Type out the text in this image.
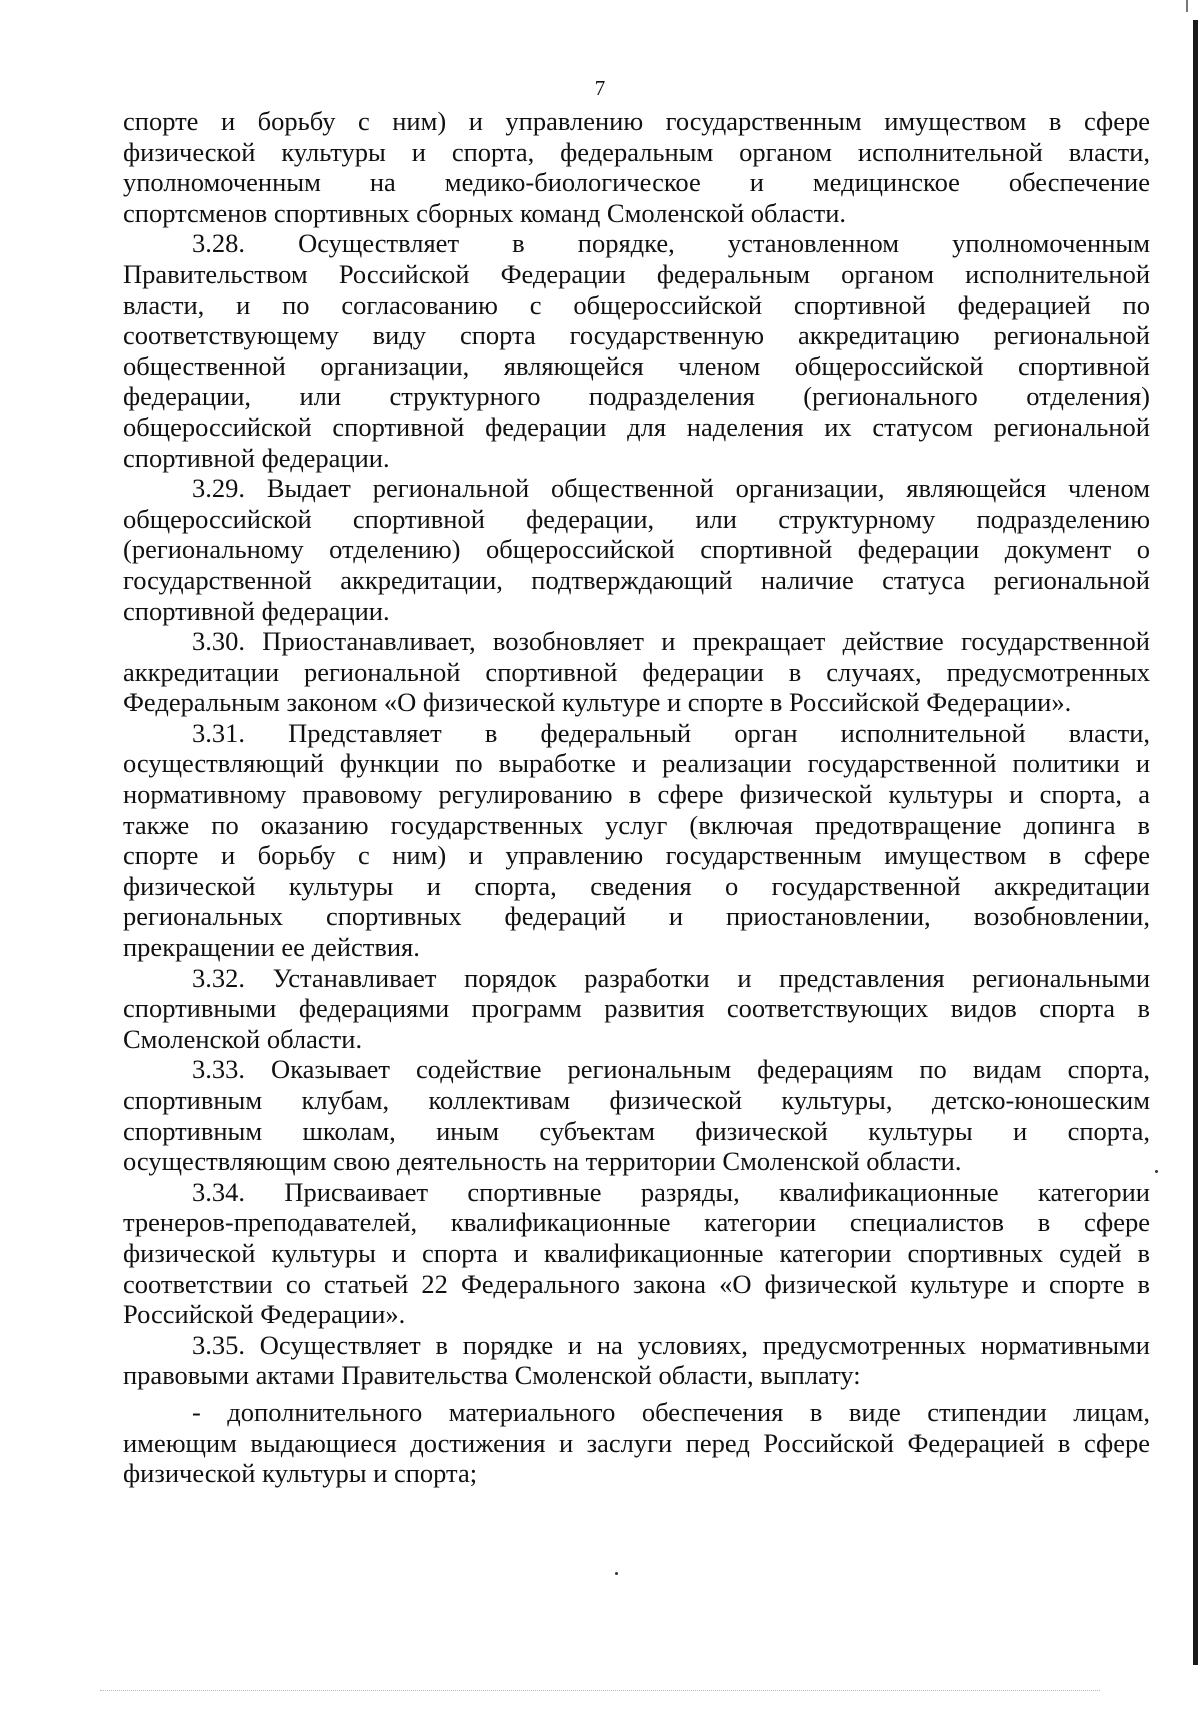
7

спорте и борьбу с ним) и управлению государственным имуществом в сфере
физической культуры и спорта, федеральным органом исполнительной власти,
уполномоченным на медико-биологическое и медицинское обеспечение
спортсменов спортивных сборных команд Смоленской области.

3.28. Осуществляет в порядке, установленном уполномоченным
Правительством Российской Федерации федеральным органом исполнительной
власти, и по согласованию с общероссийской спортивной федерацией по
соответствующему виду спорта государственную аккредитацию региональной
общественной организации, являющейся членом общероссийской спортивной
федерации, или структурного подразделения (регионального отделения)
общероссийской спортивной федерации для наделения их статусом региональной
спортивной федерации.

3.29. Выдает региональной общественной организации, являющейся членом
общероссийской спортивной федерации, или структурному подразделению
(региональному отделению) общероссийской спортивной федерации документ о
государственной аккредитации, подтверждающий наличие статуса региональной
спортивной федерации.

3.30. Приостанавливает, возобновляет и прекращает действие государственной
аккредитации региональной спортивной федерации в случаях, предусмотренных
Федеральным законом «О физической культуре и спорте в Российской Федерации».

3.31. Представляет в федеральный орган исполнительной власти,
осуществляющий функции по выработке и реализации государственной политики и
нормативному правовому регулированию в сфере физической культуры и спорта, а
также по оказанию государственных услуг (включая предотвращение допинга в
спорте и борьбу с ним) и управлению государственным имуществом в сфере
физической культуры и спорта, сведения о государственной аккредитации
региональных спортивных федераций и приостановлении, возобновлении,
прекращении ее действия.

3.32. Устанавливает порядок разработки и представления региональными
спортивными федерациями программ развития соответствующих видов спорта в
Смоленской области.

3.33. Оказывает содействие региональным федерациям по видам спорта,
спортивным клубам, коллективам физической культуры, детско-юношеским
спортивным школам, иным субъектам физической культуры и спорта,
осуществляющим свою деятельность на территории Смоленской области.

3.34. Присваивает спортивные разряды, квалификационные категории
тренеров-преподавателей, квалификационные категории специалистов в сфере
физической культуры и спорта и квалификационные категории спортивных судей в
соответствии со статьей 22 Федерального закона «О физической культуре и спорте в
Российской Федерации».

3.35. Осуществляет в порядке и на условиях, предусмотренных нормативными
правовыми актами Правительства Смоленской области, выплату:

- дополнительного материального обеспечения в виде стипендии лицам,
имеющим выдающиеся достижения и заслуги перед Российской Федерацией в сфере
физической культуры и спорта;
